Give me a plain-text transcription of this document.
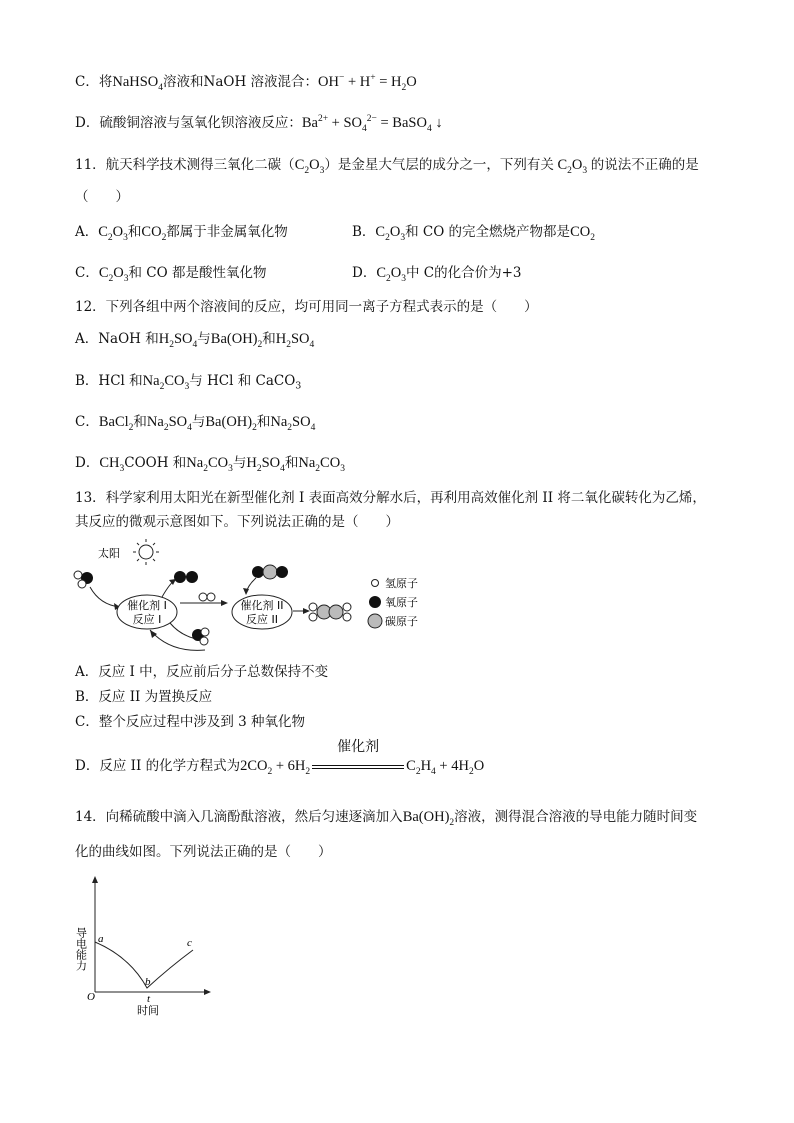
C．将NaHSO$_4$溶液和NaOH 溶液混合：$OH^- + H^+ = H_2O$
D．硫酸铜溶液与氢氧化钡溶液反应：$Ba^{2+} + SO_4^{2-}$ = BaSO$_4$ ↓
11．航天科学技术测得三氧化二碳$(C_2O_3)$是金星大气层的成分之一，下列有关 $C_2O_3$ 的说法不正确的是
（　　）
A．$C_2O_3$和$CO_2$都属于非金属氧化物	B．$C_2O_3$和 CO 的完全燃烧产物都是$CO_2$
C．$C_2O_3$和 CO 都是酸性氧化物	D．$C_2O_3$中 C的化合价为+3
12．下列各组中两个溶液间的反应，均可用同一离子方程式表示的是（　　）
A．NaOH 和$H_2SO_4$与$Ba(OH)_2$和$H_2SO_4$
B．HCl 和$Na_2CO_3$与 HCl 和 CaCO$_3$
C．BaCl$_2$和$Na_2SO_4$与$Ba(OH)_2$和$Na_2SO_4$
D．$CH_3COOH$ 和$Na_2CO_3$与$H_2SO_4$和$Na_2CO_3$
13．科学家利用太阳光在新型催化剂 I 表面高效分解水后，再利用高效催化剂 II 将二氧化碳转化为乙烯，
其反应的微观示意图如下。下列说法正确的是（　　）
太阳
催化剂 I
反应 I
催化剂 II
反应 II
氢原子
氧原子
碳原子
A．反应 I 中，反应前后分子总数保持不变
B．反应 II 为置换反应
C．整个反应过程中涉及到 3 种氧化物
D．反应 II 的化学方程式为$2CO_2 + 6H_2$
催化剂
$C_2H_4 + 4H_2O$
14．向稀硫酸中滴入几滴酚酞溶液，然后匀速逐滴加入$Ba(OH)_2$溶液，测得混合溶液的导电能力随时间变
化的曲线如图。下列说法正确的是（　　）
导电能力
O
a
b
c
t
时间
